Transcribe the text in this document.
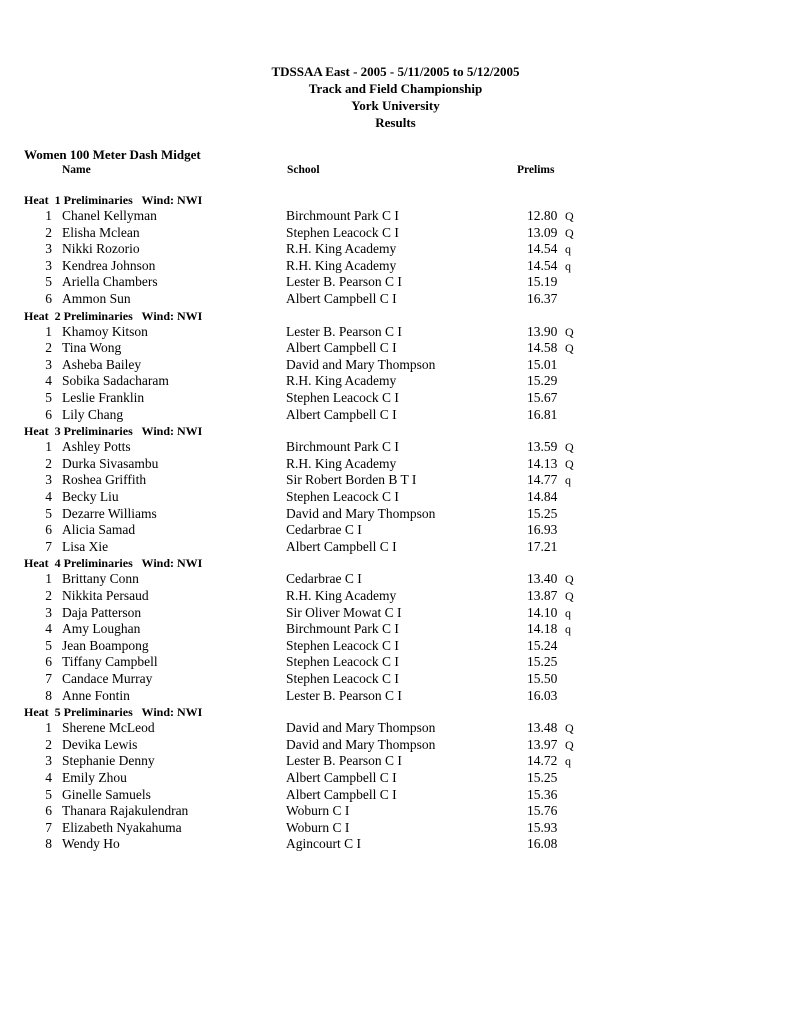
TDSSAA East - 2005 - 5/11/2005 to 5/12/2005
Track and Field Championship
York University
Results
Women 100 Meter Dash Midget
Name	School	Prelims
Heat  1 Preliminaries   Wind: NWI
1 Chanel Kellyman	Birchmount Park C I	12.80 Q
2 Elisha Mclean	Stephen Leacock C I	13.09 Q
3 Nikki Rozorio	R.H. King Academy	14.54 q
3 Kendrea Johnson	R.H. King Academy	14.54 q
5 Ariella Chambers	Lester B. Pearson C I	15.19
6 Ammon Sun	Albert Campbell C I	16.37
Heat  2 Preliminaries   Wind: NWI
1 Khamoy Kitson	Lester B. Pearson C I	13.90 Q
2 Tina Wong	Albert Campbell C I	14.58 Q
3 Asheba Bailey	David and Mary Thompson	15.01
4 Sobika Sadacharam	R.H. King Academy	15.29
5 Leslie Franklin	Stephen Leacock C I	15.67
6 Lily Chang	Albert Campbell C I	16.81
Heat  3 Preliminaries   Wind: NWI
1 Ashley Potts	Birchmount Park C I	13.59 Q
2 Durka Sivasambu	R.H. King Academy	14.13 Q
3 Roshea Griffith	Sir Robert Borden B T I	14.77 q
4 Becky Liu	Stephen Leacock C I	14.84
5 Dezarre Williams	David and Mary Thompson	15.25
6 Alicia Samad	Cedarbrae C I	16.93
7 Lisa Xie	Albert Campbell C I	17.21
Heat  4 Preliminaries   Wind: NWI
1 Brittany Conn	Cedarbrae C I	13.40 Q
2 Nikkita Persaud	R.H. King Academy	13.87 Q
3 Daja Patterson	Sir Oliver Mowat C I	14.10 q
4 Amy Loughan	Birchmount Park C I	14.18 q
5 Jean Boampong	Stephen Leacock C I	15.24
6 Tiffany Campbell	Stephen Leacock C I	15.25
7 Candace Murray	Stephen Leacock C I	15.50
8 Anne Fontin	Lester B. Pearson C I	16.03
Heat  5 Preliminaries   Wind: NWI
1 Sherene McLeod	David and Mary Thompson	13.48 Q
2 Devika Lewis	David and Mary Thompson	13.97 Q
3 Stephanie Denny	Lester B. Pearson C I	14.72 q
4 Emily Zhou	Albert Campbell C I	15.25
5 Ginelle Samuels	Albert Campbell C I	15.36
6 Thanara Rajakulendran	Woburn C I	15.76
7 Elizabeth Nyakahuma	Woburn C I	15.93
8 Wendy Ho	Agincourt C I	16.08
